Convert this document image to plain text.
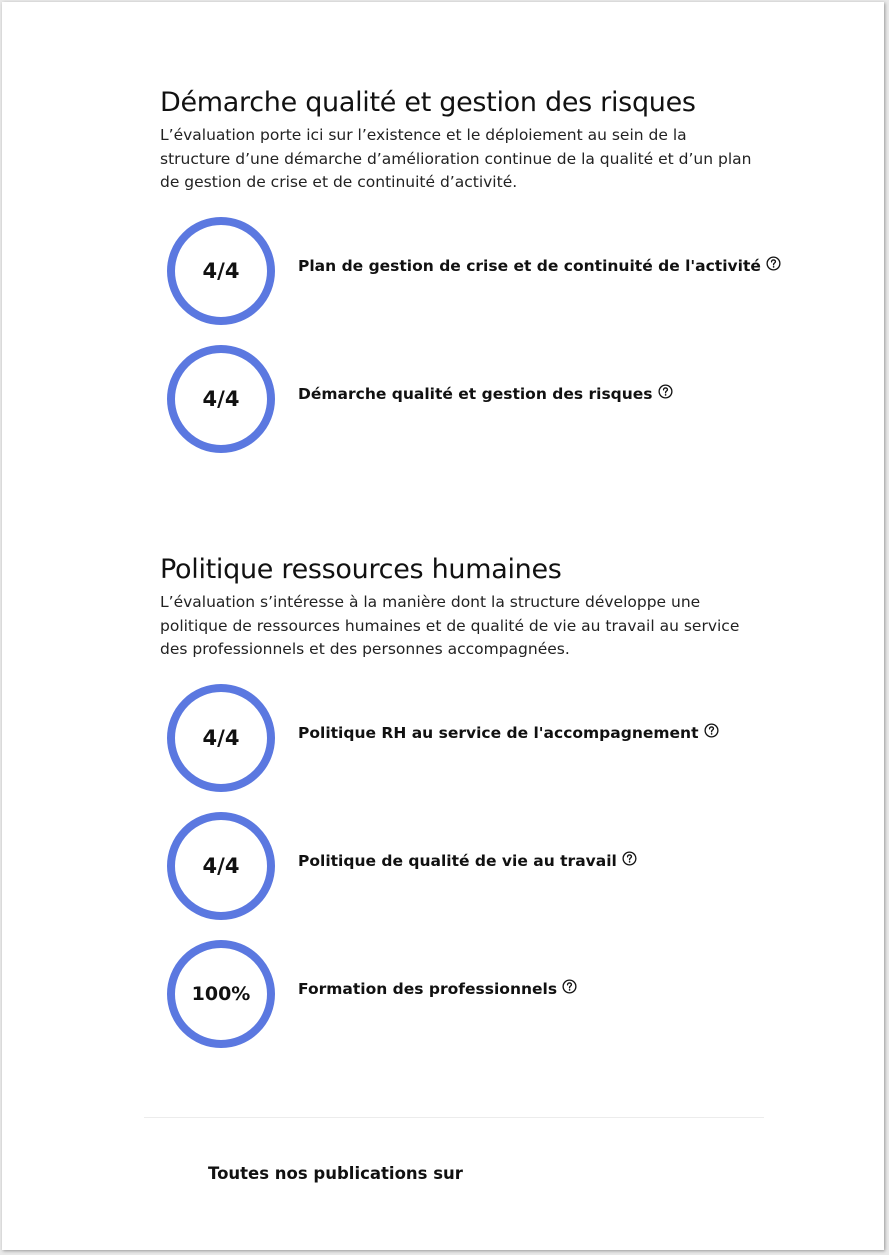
Démarche qualité et gestion des risques

L’évaluation porte ici sur l’existence et le déploiement au sein de la structure d’une démarche d’amélioration continue de la qualité et d’un plan de gestion de crise et de continuité d’activité.

4/4	Plan de gestion de crise et de continuité de l'activité
4/4	Démarche qualité et gestion des risques
Politique ressources humaines

L’évaluation s’intéresse à la manière dont la structure développe une politique de ressources humaines et de qualité de vie au travail au service des professionnels et des personnes accompagnées.

4/4	Politique RH au service de l'accompagnement
4/4	Politique de qualité de vie au travail
100%	Formation des professionnels
Toutes nos publications sur
